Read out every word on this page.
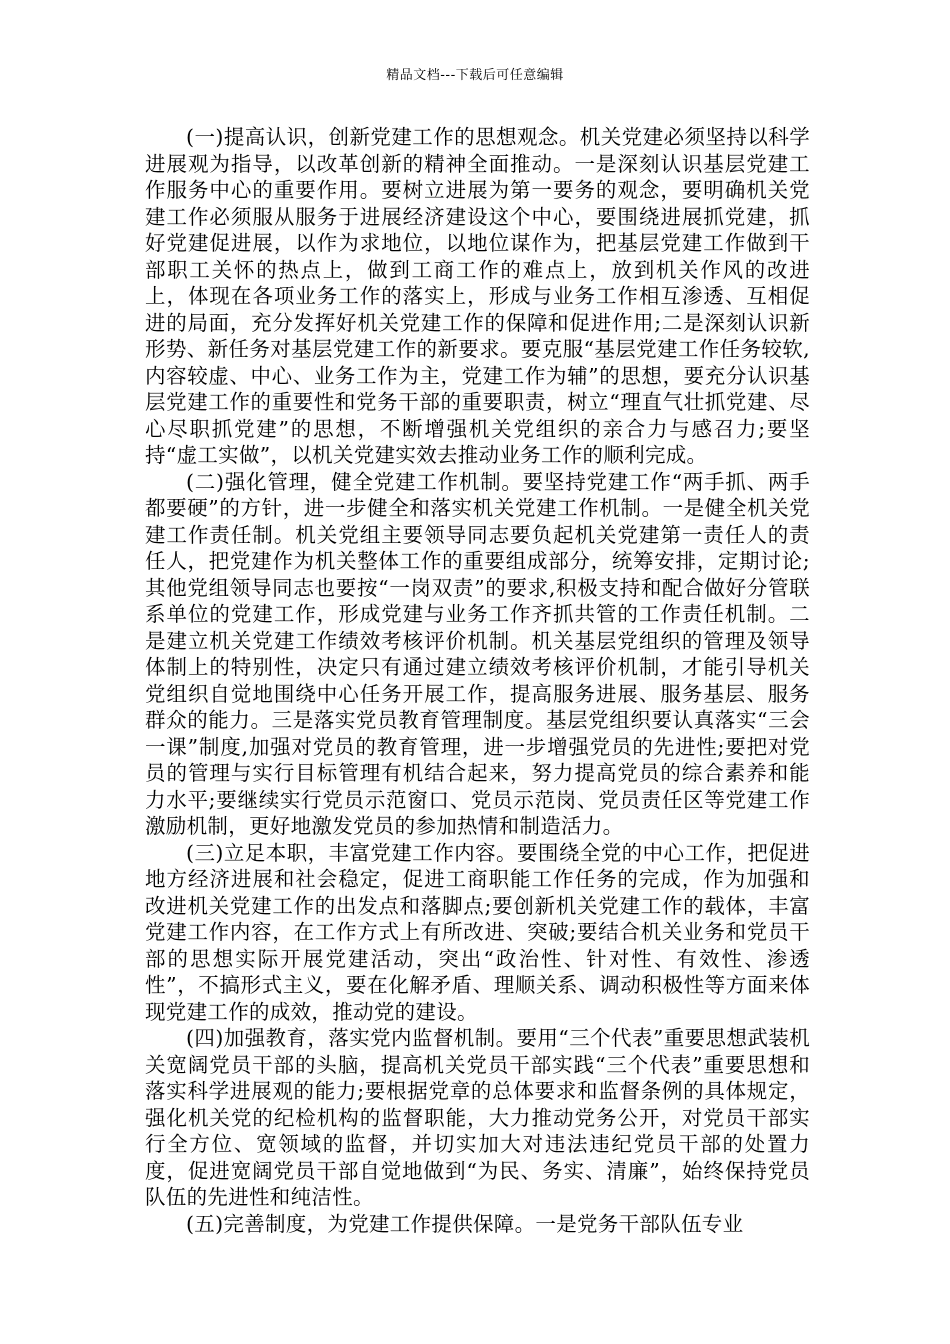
精品文档---下载后可任意编辑

(一)提高认识，创新党建工作的思想观念。机关党建必须坚持以科学进展观为指导，以改革创新的精神全面推动。一是深刻认识基层党建工作服务中心的重要作用。要树立进展为第一要务的观念，要明确机关党建工作必须服从服务于进展经济建设这个中心，要围绕进展抓党建，抓好党建促进展，以作为求地位，以地位谋作为，把基层党建工作做到干部职工关怀的热点上，做到工商工作的难点上，放到机关作风的改进上，体现在各项业务工作的落实上，形成与业务工作相互渗透、互相促进的局面，充分发挥好机关党建工作的保障和促进作用;二是深刻认识新形势、新任务对基层党建工作的新要求。要克服“基层党建工作任务较软,内容较虚、中心、业务工作为主，党建工作为辅”的思想，要充分认识基层党建工作的重要性和党务干部的重要职责，树立“理直气壮抓党建、尽心尽职抓党建”的思想，不断增强机关党组织的亲合力与感召力;要坚持“虚工实做”，以机关党建实效去推动业务工作的顺利完成。

(二)强化管理，健全党建工作机制。要坚持党建工作“两手抓、两手都要硬”的方针，进一步健全和落实机关党建工作机制。一是健全机关党建工作责任制。机关党组主要领导同志要负起机关党建第一责任人的责任人，把党建作为机关整体工作的重要组成部分，统筹安排，定期讨论;其他党组领导同志也要按“一岗双责”的要求,积极支持和配合做好分管联系单位的党建工作，形成党建与业务工作齐抓共管的工作责任机制。二是建立机关党建工作绩效考核评价机制。机关基层党组织的管理及领导体制上的特别性，决定只有通过建立绩效考核评价机制，才能引导机关党组织自觉地围绕中心任务开展工作，提高服务进展、服务基层、服务群众的能力。三是落实党员教育管理制度。基层党组织要认真落实“三会一课”制度,加强对党员的教育管理，进一步增强党员的先进性;要把对党员的管理与实行目标管理有机结合起来，努力提高党员的综合素养和能力水平;要继续实行党员示范窗口、党员示范岗、党员责任区等党建工作激励机制，更好地激发党员的参加热情和制造活力。

(三)立足本职，丰富党建工作内容。要围绕全党的中心工作，把促进地方经济进展和社会稳定，促进工商职能工作任务的完成，作为加强和改进机关党建工作的出发点和落脚点;要创新机关党建工作的载体，丰富党建工作内容，在工作方式上有所改进、突破;要结合机关业务和党员干部的思想实际开展党建活动，突出“政治性、针对性、有效性、渗透性”，不搞形式主义，要在化解矛盾、理顺关系、调动积极性等方面来体现党建工作的成效，推动党的建设。

(四)加强教育，落实党内监督机制。要用“三个代表”重要思想武装机关宽阔党员干部的头脑，提高机关党员干部实践“三个代表”重要思想和落实科学进展观的能力;要根据党章的总体要求和监督条例的具体规定，强化机关党的纪检机构的监督职能，大力推动党务公开，对党员干部实行全方位、宽领域的监督，并切实加大对违法违纪党员干部的处置力度，促进宽阔党员干部自觉地做到“为民、务实、清廉”，始终保持党员队伍的先进性和纯洁性。

(五)完善制度，为党建工作提供保障。一是党务干部队伍专业
